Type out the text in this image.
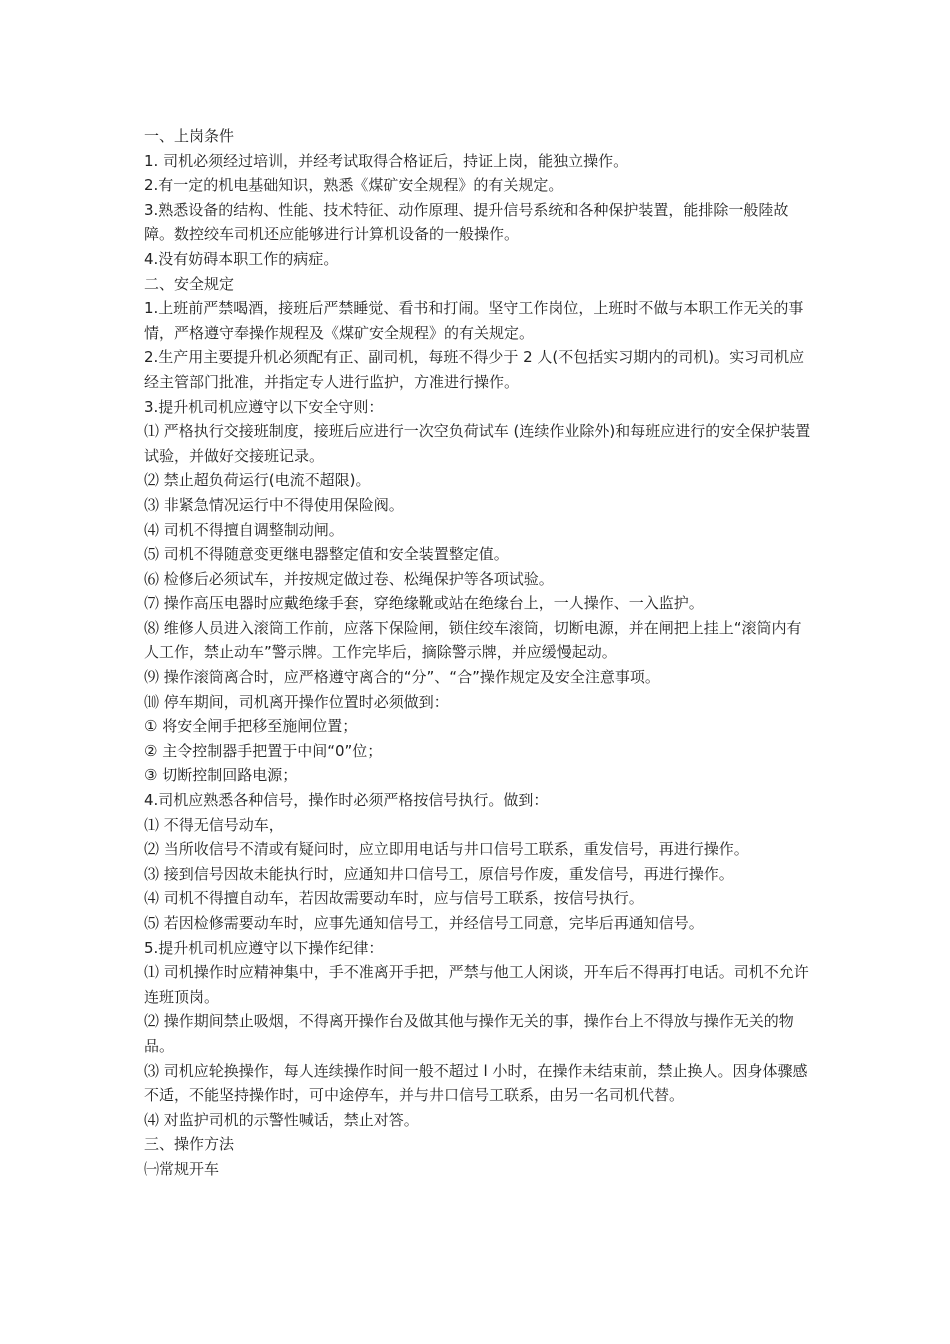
一、上岗条件

1. 司机必须经过培训，并经考试取得合格证后，持证上岗，能独立操作。

2.有一定的机电基础知识，熟悉《煤矿安全规程》的有关规定。

3.熟悉设备的结构、性能、技术特征、动作原理、提升信号系统和各种保护装置，能排除一般陸故障。数控绞车司机还应能够进行计算机设备的一般操作。

4.没有妨碍本职工作的病症。

二、安全规定

1.上班前严禁喝酒，接班后严禁睡觉、看书和打闹。坚守工作岗位，上班时不做与本职工作无关的事情，严格遵守奉操作规程及《煤矿安全规程》的有关规定。

2.生产用主要提升机必须配有正、副司机，每班不得少于 2 人(不包括实习期内的司机)。实习司机应经主管部门批准，并指定专人进行监护，方准进行操作。

3.提升机司机应遵守以下安全守则：

⑴ 严格执行交接班制度，接班后应进行一次空负荷试车 (连续作业除外)和每班应进行的安全保护装置试验，并做好交接班记录。

⑵ 禁止超负荷运行(电流不超限)。

⑶ 非紧急情况运行中不得使用保险阀。

⑷ 司机不得擅自调整制动闸。

⑸ 司机不得随意变更继电器整定值和安全装置整定值。

⑹ 检修后必须试车，并按规定做过卷、松绳保护等各项试验。

⑺ 操作高压电器时应戴绝缘手套，穿绝缘靴或站在绝缘台上，一人操作、一入监护。

⑻ 维修人员进入滚筒工作前，应落下保险闸，锁住绞车滚筒，切断电源，并在闸把上挂上“滚筒内有人工作，禁止动车”警示牌。工作完毕后，摘除警示牌，并应缓慢起动。

⑼ 操作滚筒离合时，应严格遵守离合的“分”、“合”操作规定及安全注意事项。

⑽ 停车期间，司机离开操作位置时必须做到：

① 将安全闸手把移至施闸位置；

② 主令控制器手把置于中间“0”位；

③ 切断控制回路电源；

4.司机应熟悉各种信号，操作时必须严格按信号执行。做到：

⑴ 不得无信号动车，

⑵ 当所收信号不清或有疑问时，应立即用电话与井口信号工联系，重发信号，再进行操作。

⑶ 接到信号因故未能执行时，应通知井口信号工，原信号作废，重发信号，再进行操作。

⑷ 司机不得擅自动车，若因故需要动车时，应与信号工联系，按信号执行。

⑸ 若因检修需要动车时，应事先通知信号工，并经信号工同意，完毕后再通知信号。

5.提升机司机应遵守以下操作纪律：

⑴ 司机操作时应精神集中，手不准离开手把，严禁与他工人闲谈，开车后不得再打电话。司机不允许连班顶岗。

⑵ 操作期间禁止吸烟，不得离开操作台及做其他与操作无关的事，操作台上不得放与操作无关的物品。

⑶ 司机应轮换操作，每人连续操作时间一般不超过 l 小时，在操作未结束前，禁止换人。因身体骤感不适，不能坚持操作时，可中途停车，并与井口信号工联系，由另一名司机代替。

⑷ 对监护司机的示警性喊话，禁止对答。

三、操作方法

㈠常规开车
